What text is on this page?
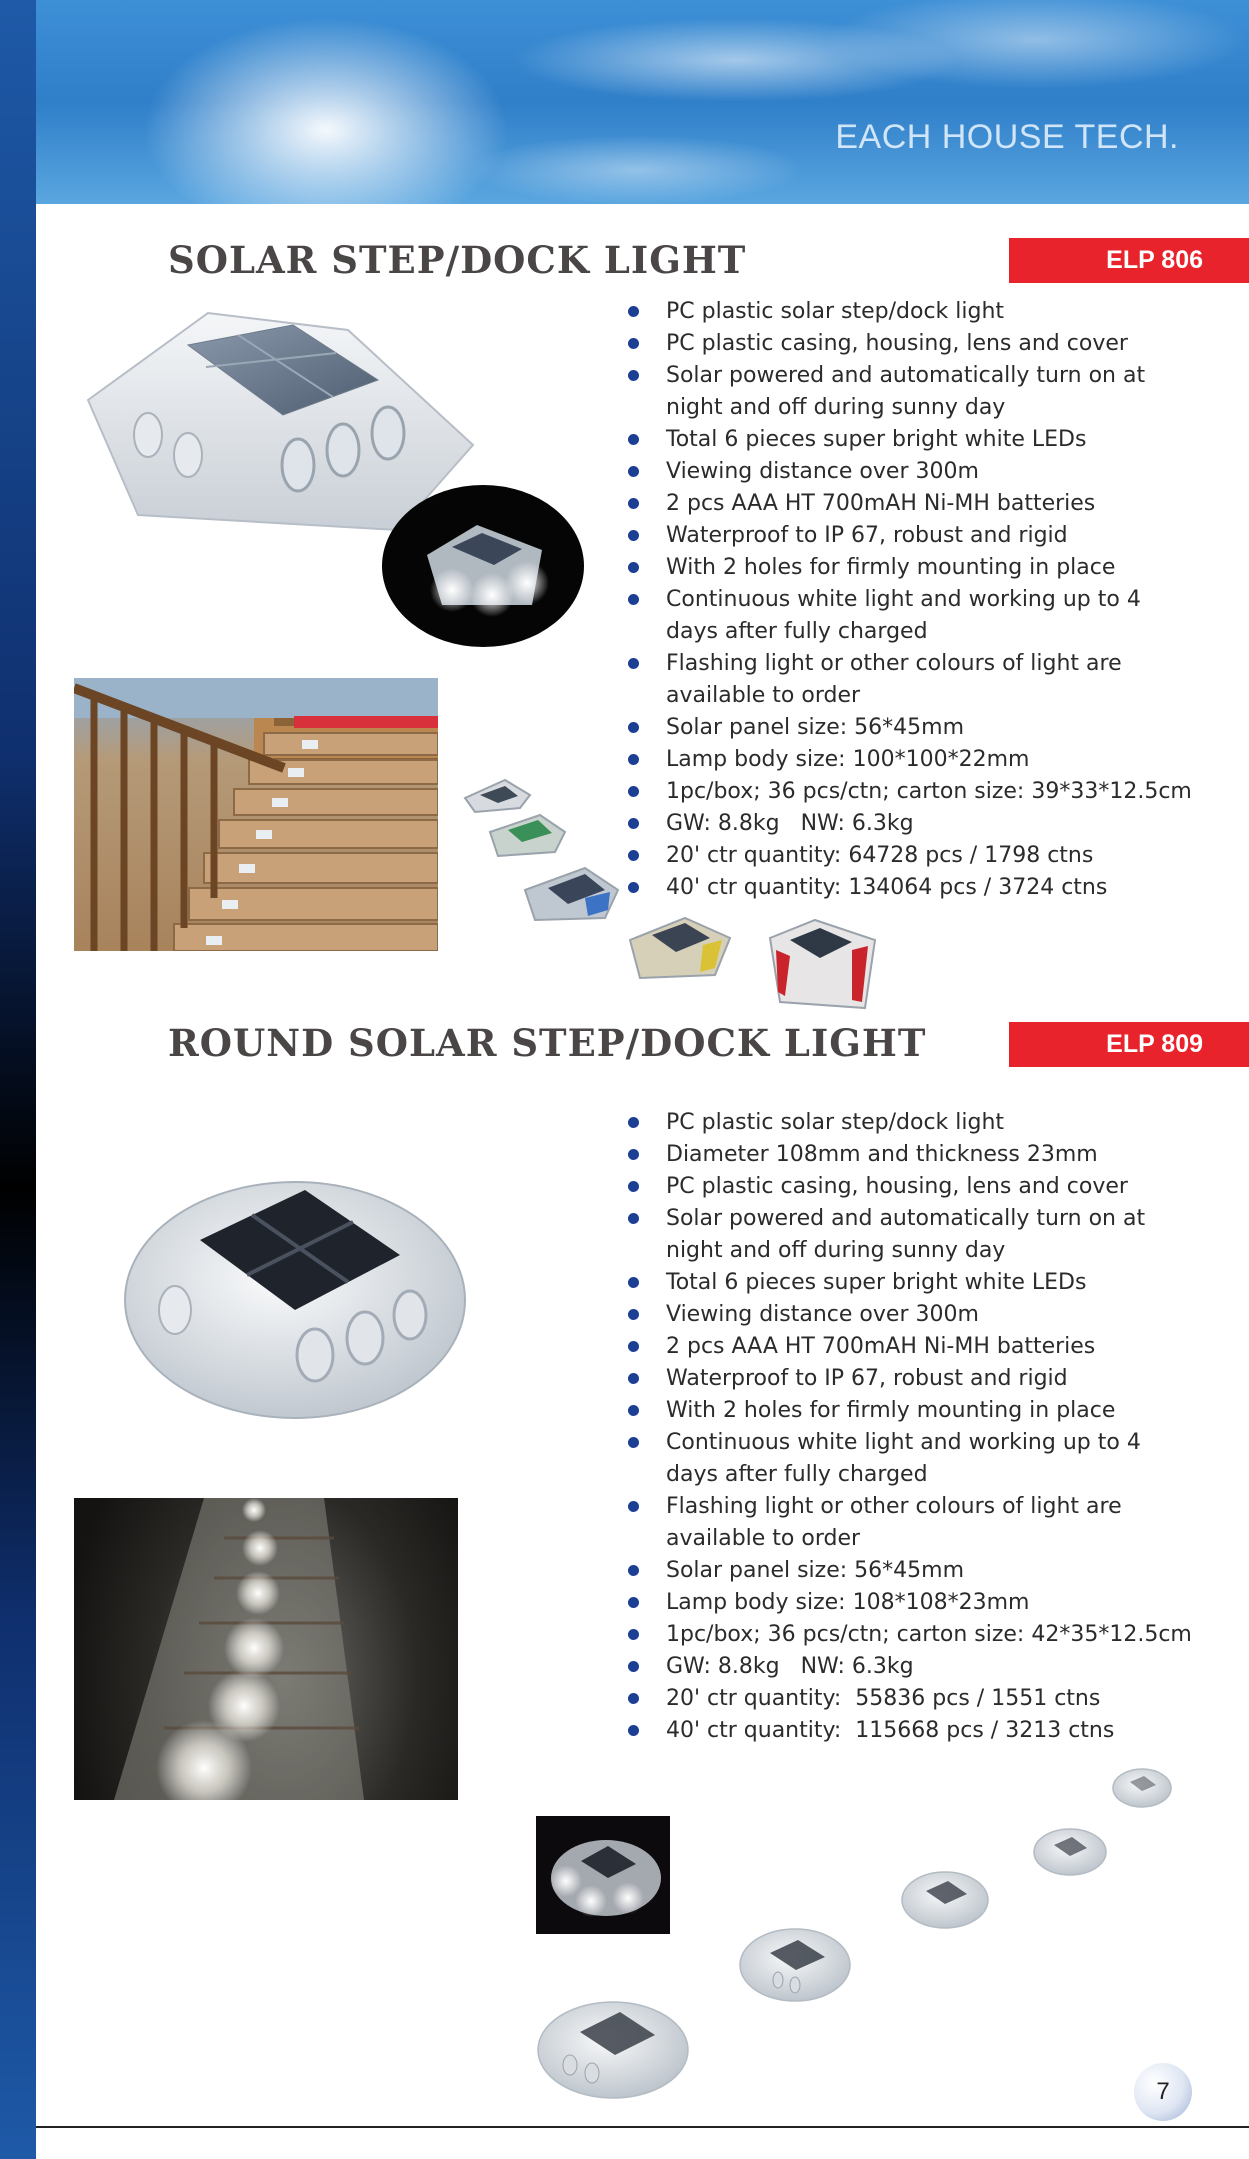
EACH HOUSE TECH.
SOLAR STEP/DOCK LIGHT	ELP 806
PC plastic solar step/dock light
PC plastic casing, housing, lens and cover
Solar powered and automatically turn on at night and off during sunny day
Total 6 pieces super bright white LEDs
Viewing distance over 300m
2 pcs AAA HT 700mAH Ni-MH batteries
Waterproof to IP 67, robust and rigid
With 2 holes for firmly mounting in place
Continuous white light and working up to 4 days after fully charged
Flashing light or other colours of light are available to order
Solar panel size: 56*45mm
Lamp body size: 100*100*22mm
1pc/box; 36 pcs/ctn; carton size: 39*33*12.5cm
GW: 8.8kg   NW: 6.3kg
20' ctr quantity: 64728 pcs / 1798 ctns
40' ctr quantity: 134064 pcs / 3724 ctns
ROUND SOLAR STEP/DOCK LIGHT	ELP 809
PC plastic solar step/dock light
Diameter 108mm and thickness 23mm
PC plastic casing, housing, lens and cover
Solar powered and automatically turn on at night and off during sunny day
Total 6 pieces super bright white LEDs
Viewing distance over 300m
2 pcs AAA HT 700mAH Ni-MH batteries
Waterproof to IP 67, robust and rigid
With 2 holes for firmly mounting in place
Continuous white light and working up to 4 days after fully charged
Flashing light or other colours of light are available to order
Solar panel size: 56*45mm
Lamp body size: 108*108*23mm
1pc/box; 36 pcs/ctn; carton size: 42*35*12.5cm
GW: 8.8kg   NW: 6.3kg
20' ctr quantity:  55836 pcs / 1551 ctns
40' ctr quantity:  115668 pcs / 3213 ctns
7
